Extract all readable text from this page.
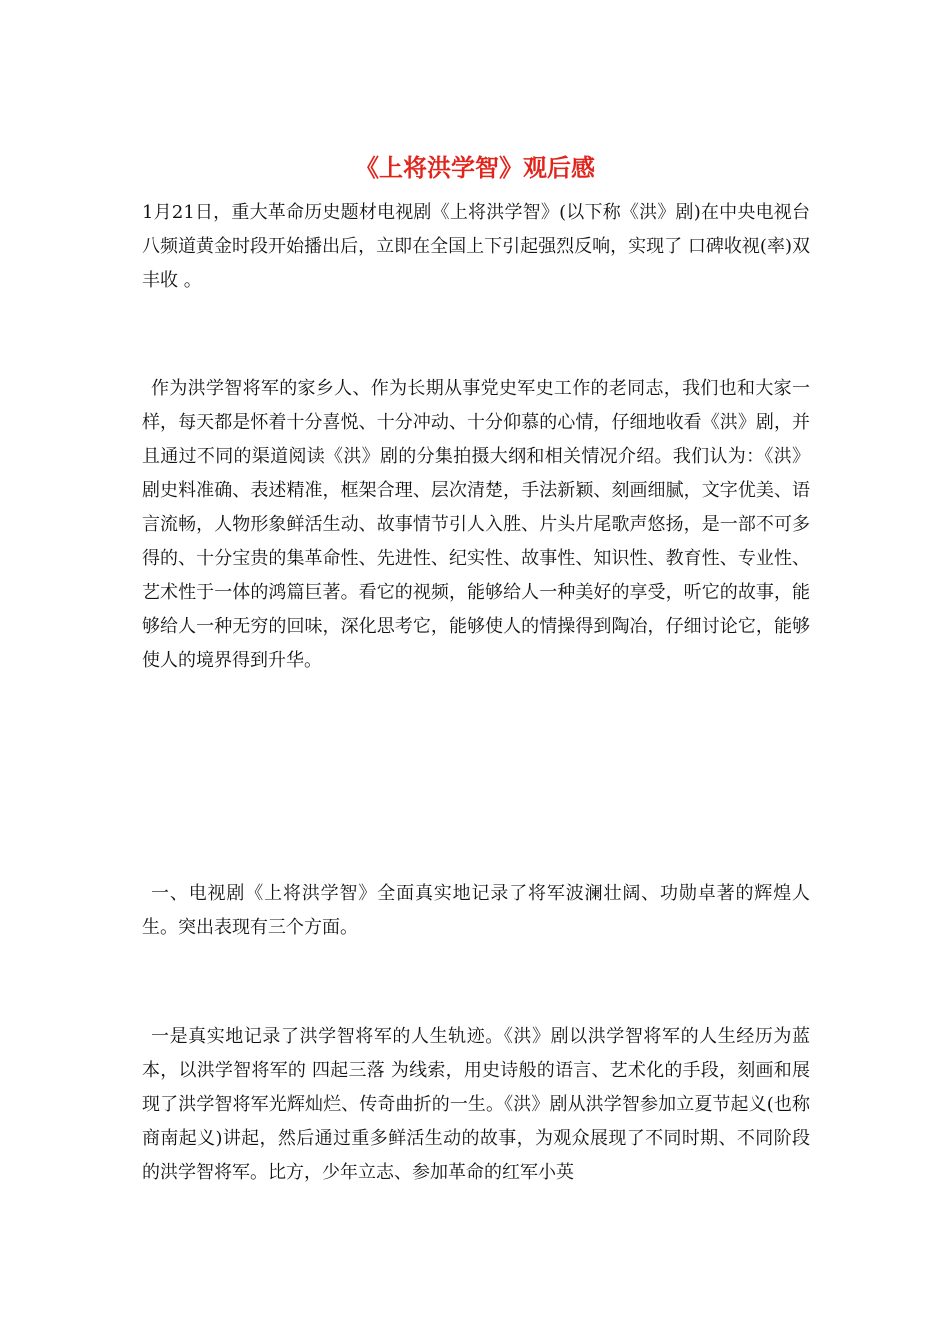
《上将洪学智》观后感

1月21日，重大革命历史题材电视剧《上将洪学智》(以下称《洪》剧)在中央电视台八频道黄金时段开始播出后，立即在全国上下引起强烈反响，实现了 口碑收视(率)双丰收 。

作为洪学智将军的家乡人、作为长期从事党史军史工作的老同志，我们也和大家一样，每天都是怀着十分喜悦、十分冲动、十分仰慕的心情，仔细地收看《洪》剧，并且通过不同的渠道阅读《洪》剧的分集拍摄大纲和相关情况介绍。我们认为：《洪》剧史料准确、表述精准，框架合理、层次清楚，手法新颖、刻画细腻，文字优美、语言流畅，人物形象鲜活生动、故事情节引人入胜、片头片尾歌声悠扬，是一部不可多得的、十分宝贵的集革命性、先进性、纪实性、故事性、知识性、教育性、专业性、艺术性于一体的鸿篇巨著。看它的视频，能够给人一种美好的享受，听它的故事，能够给人一种无穷的回味，深化思考它，能够使人的情操得到陶冶，仔细讨论它，能够使人的境界得到升华。

一、电视剧《上将洪学智》全面真实地记录了将军波澜壮阔、功勋卓著的辉煌人生。突出表现有三个方面。

一是真实地记录了洪学智将军的人生轨迹。《洪》剧以洪学智将军的人生经历为蓝本，以洪学智将军的 四起三落 为线索，用史诗般的语言、艺术化的手段，刻画和展现了洪学智将军光辉灿烂、传奇曲折的一生。《洪》剧从洪学智参加立夏节起义(也称商南起义)讲起，然后通过重多鲜活生动的故事，为观众展现了不同时期、不同阶段的洪学智将军。比方，少年立志、参加革命的红军小英
